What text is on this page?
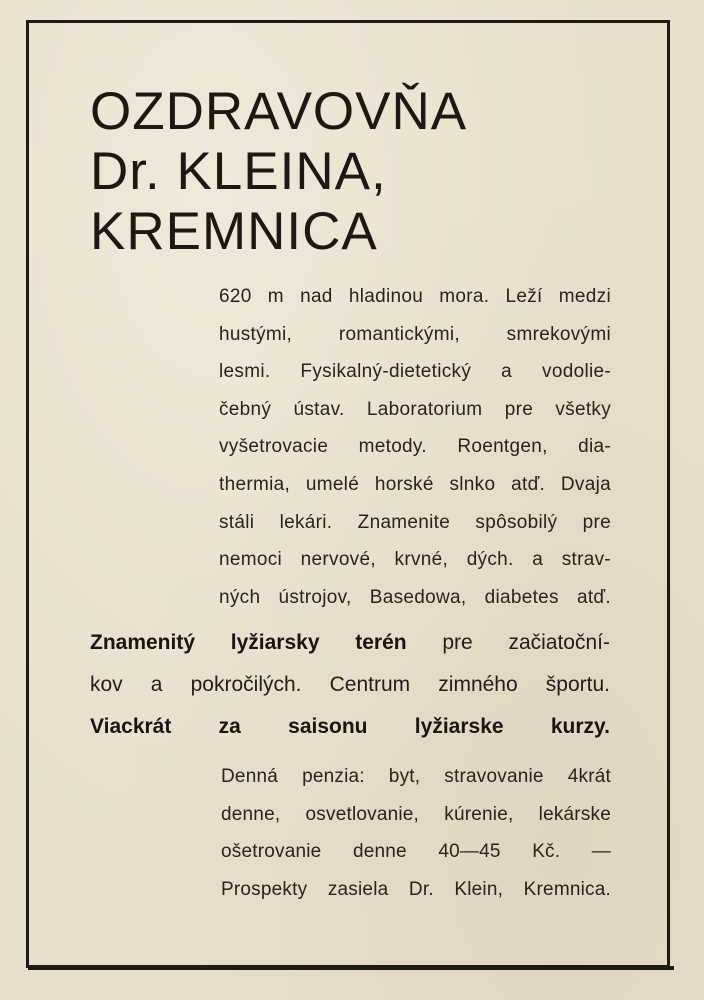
OZDRAVOVŇA
Dr. KLEINA,
KREMNICA
620 m nad hladinou mora. Leží medzi
hustými, romantickými, smrekovými
lesmi. Fysikalný-dietetický a vodolie-
čebný ústav. Laboratorium pre všetky
vyšetrovacie metody. Roentgen, dia-
thermia, umelé horské slnko atď. Dvaja
stáli lekári. Znamenite spôsobilý pre
nemoci nervové, krvné, dých. a strav-
ných ústrojov, Basedowa, diabetes atď.
Znamenitý lyžiarsky terén pre začiatoční-
kov a pokročilých. Centrum zimného športu.
Viackrát za saisonu lyžiarske kurzy.
Denná penzia: byt, stravovanie 4krát
denne, osvetlovanie, kúrenie, lekárske
ošetrovanie denne 40—45 Kč. —
Prospekty zasiela Dr. Klein, Kremnica.
